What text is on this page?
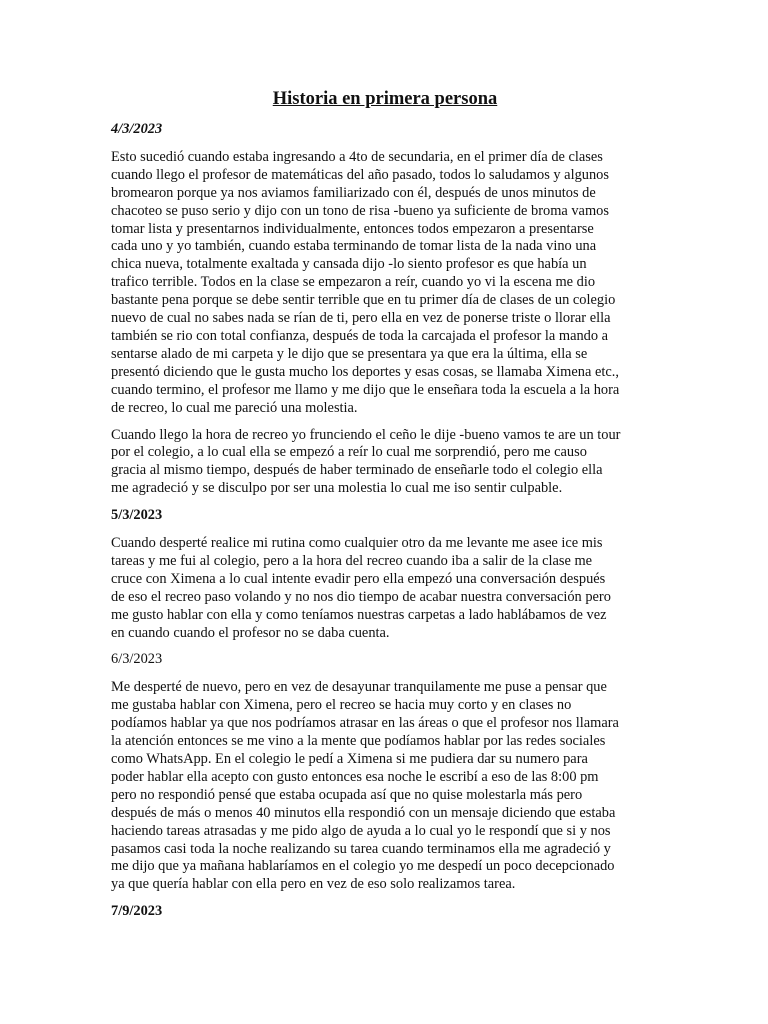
Historia en primera persona
4/3/2023
Esto sucedió cuando estaba ingresando a 4to de secundaria, en el primer día de clases
cuando llego el profesor de matemáticas del año pasado, todos lo saludamos y algunos
bromearon porque ya nos aviamos familiarizado con él, después de unos minutos de
chacoteo se puso serio y dijo con un tono de risa -bueno ya suficiente de broma vamos
tomar lista y presentarnos individualmente, entonces todos empezaron a presentarse
cada uno y yo también, cuando estaba terminando de tomar lista de la nada vino una
chica nueva, totalmente exaltada y cansada dijo -lo siento profesor es que había un
trafico terrible. Todos en la clase se empezaron a reír, cuando yo vi la escena me dio
bastante pena porque se debe sentir terrible que en tu primer día de clases de un colegio
nuevo de cual no sabes nada se rían de ti, pero ella en vez de ponerse triste o llorar ella
también se rio con total confianza, después de toda la carcajada el profesor la mando a
sentarse alado de mi carpeta y le dijo que se presentara ya que era la última, ella se
presentó diciendo que le gusta mucho los deportes y esas cosas, se llamaba Ximena etc.,
cuando termino, el profesor me llamo y me dijo que le enseñara toda la escuela a la hora
de recreo, lo cual me pareció una molestia.
Cuando llego la hora de recreo yo frunciendo el ceño le dije -bueno vamos te are un tour
por el colegio, a lo cual ella se empezó a reír lo cual me sorprendió, pero me causo
gracia al mismo tiempo, después de haber terminado de enseñarle todo el colegio ella
me agradeció y se disculpo por ser una molestia lo cual me iso sentir culpable.
5/3/2023
Cuando desperté realice mi rutina como cualquier otro da me levante me asee ice mis
tareas y me fui al colegio, pero a la hora del recreo cuando iba a salir de la clase me
cruce con Ximena a lo cual intente evadir pero ella empezó una conversación después
de eso el recreo paso volando y no nos dio tiempo de acabar nuestra conversación pero
me gusto hablar con ella y como teníamos nuestras carpetas a lado hablábamos de vez
en cuando cuando el profesor no se daba cuenta.
6/3/2023
Me desperté de nuevo, pero en vez de desayunar tranquilamente me puse a pensar que
me gustaba hablar con Ximena, pero el recreo se hacia muy corto y en clases no
podíamos hablar ya que nos podríamos atrasar en las áreas o que el profesor nos llamara
la atención entonces se me vino a la mente que podíamos hablar por las redes sociales
como WhatsApp. En el colegio le pedí a Ximena si me pudiera dar su numero para
poder hablar ella acepto con gusto entonces esa noche le escribí a eso de las 8:00 pm
pero no respondió pensé que estaba ocupada así que no quise molestarla más pero
después de más o menos 40 minutos ella respondió con un mensaje diciendo que estaba
haciendo tareas atrasadas y me pido algo de ayuda a lo cual yo le respondí que si y nos
pasamos casi toda la noche realizando su tarea cuando terminamos ella me agradeció y
me dijo que ya mañana hablaríamos en el colegio yo me despedí un poco decepcionado
ya que quería hablar con ella pero en vez de eso solo realizamos tarea.
7/9/2023
